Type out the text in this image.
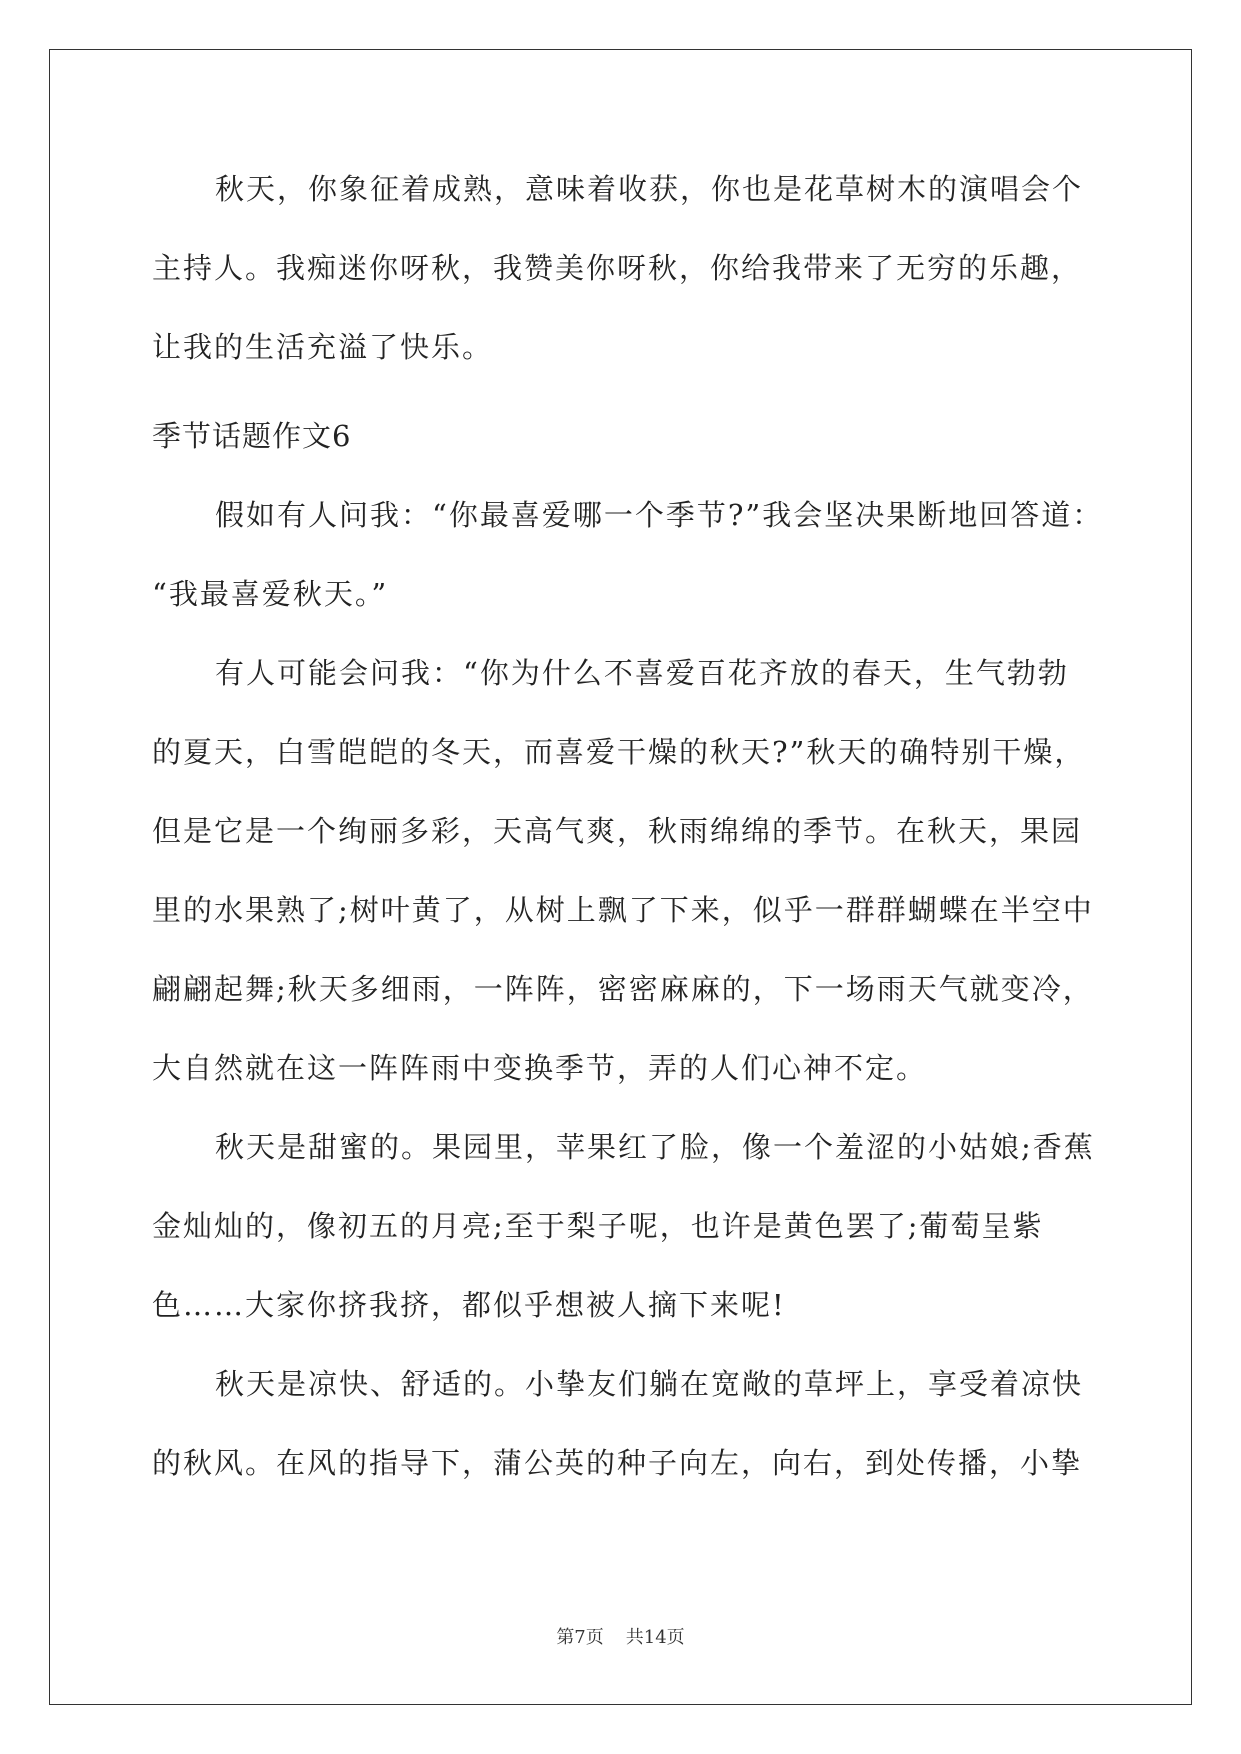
秋天，你象征着成熟，意味着收获，你也是花草树木的演唱会个
主持人。我痴迷你呀秋，我赞美你呀秋，你给我带来了无穷的乐趣，
让我的生活充溢了快乐。
季节话题作文6
假如有人问我：“你最喜爱哪一个季节?”我会坚决果断地回答道：
“我最喜爱秋天。”
有人可能会问我：“你为什么不喜爱百花齐放的春天，生气勃勃
的夏天，白雪皑皑的冬天，而喜爱干燥的秋天?”秋天的确特别干燥，
但是它是一个绚丽多彩，天高气爽，秋雨绵绵的季节。在秋天，果园
里的水果熟了;树叶黄了，从树上飘了下来，似乎一群群蝴蝶在半空中
翩翩起舞;秋天多细雨，一阵阵，密密麻麻的，下一场雨天气就变冷，
大自然就在这一阵阵雨中变换季节，弄的人们心神不定。
秋天是甜蜜的。果园里，苹果红了脸，像一个羞涩的小姑娘;香蕉
金灿灿的，像初五的月亮;至于梨子呢，也许是黄色罢了;葡萄呈紫
色……大家你挤我挤，都似乎想被人摘下来呢!
秋天是凉快、舒适的。小挚友们躺在宽敞的草坪上，享受着凉快
的秋风。在风的指导下，蒲公英的种子向左，向右，到处传播，小挚
第7页 共14页
